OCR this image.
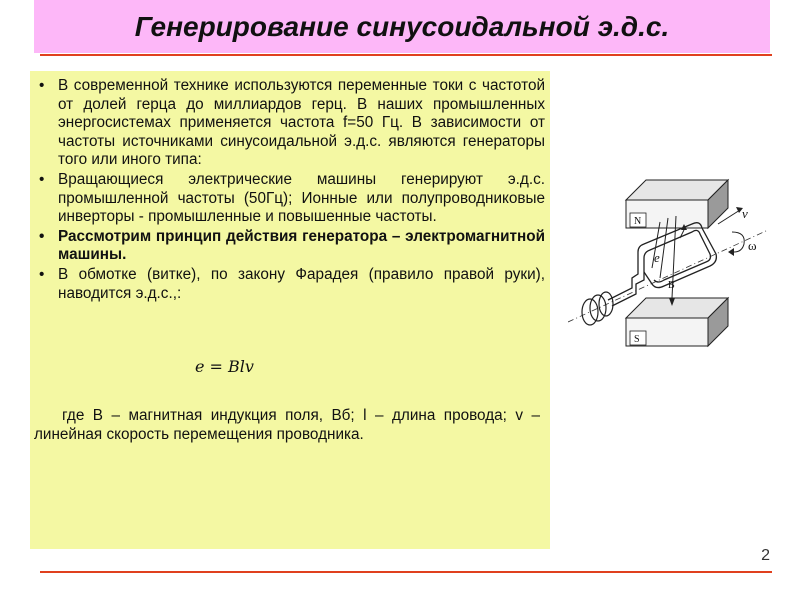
Генерирование синусоидальной э.д.с.
• В современной технике используются переменные токи с частотой от долей герца до миллиардов герц. В наших промышленных энергосистемах применяется частота f=50 Гц. В зависимости от частоты источниками синусоидальной э.д.с. являются генераторы того или иного типа:
• Вращающиеся электрические машины генерируют э.д.с. промышленной частоты (50Гц); Ионные или полупроводниковые инверторы - промышленные и повышенные частоты.
• Рассмотрим принцип действия генератора – электромагнитной машины.
• В обмотке (витке), по закону Фарадея (правило правой руки), наводится э.д.с.,:
e = Blv

где B – магнитная индукция поля, Вб; l – длина провода; v – линейная скорость перемещения проводника.

N
S
e
B
ω
v
2
